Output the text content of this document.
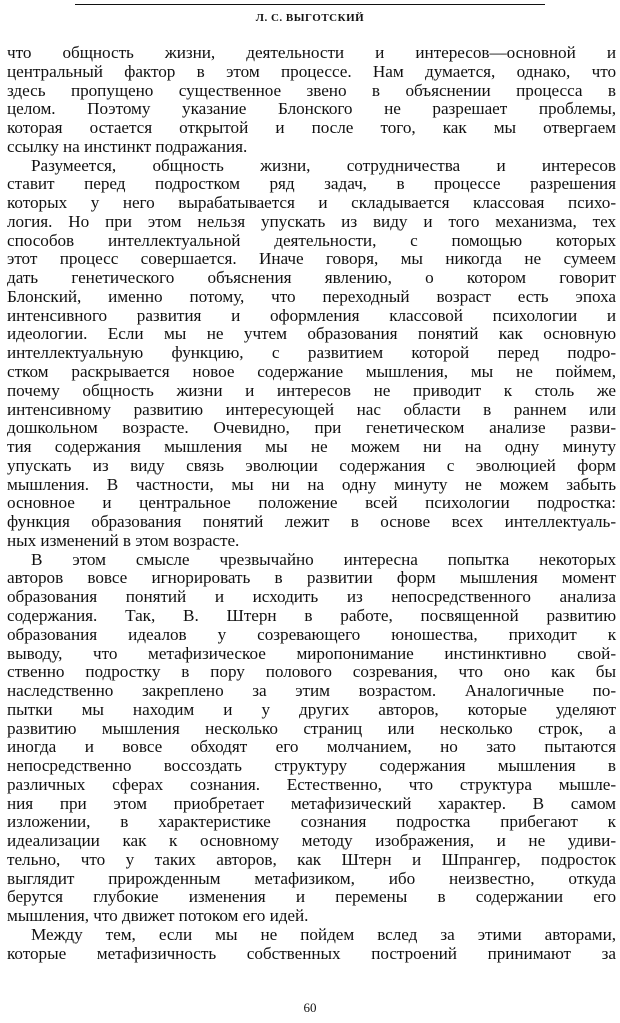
Л. С. ВЫГОТСКИЙ
что общность жизни, деятельности и интересов—основной и
центральный фактор в этом процессе. Нам думается, однако, что
здесь пропущено существенное звено в объяснении процесса в
целом. Поэтому указание Блонского не разрешает проблемы,
которая остается открытой и после того, как мы отвергаем
ссылку на инстинкт подражания.
Разумеется, общность жизни, сотрудничества и интересов
ставит перед подростком ряд задач, в процессе разрешения
которых у него вырабатывается и складывается классовая психо-
логия. Но при этом нельзя упускать из виду и того механизма, тех
способов интеллектуальной деятельности, с помощью которых
этот процесс совершается. Иначе говоря, мы никогда не сумеем
дать генетического объяснения явлению, о котором говорит
Блонский, именно потому, что переходный возраст есть эпоха
интенсивного развития и оформления классовой психологии и
идеологии. Если мы не учтем образования понятий как основную
интеллектуальную функцию, с развитием которой перед подро-
стком раскрывается новое содержание мышления, мы не поймем,
почему общность жизни и интересов не приводит к столь же
интенсивному развитию интересующей нас области в раннем или
дошкольном возрасте. Очевидно, при генетическом анализе разви-
тия содержания мышления мы не можем ни на одну минуту
упускать из виду связь эволюции содержания с эволюцией форм
мышления. В частности, мы ни на одну минуту не можем забыть
основное и центральное положение всей психологии подростка:
функция образования понятий лежит в основе всех интеллектуаль-
ных изменений в этом возрасте.
В этом смысле чрезвычайно интересна попытка некоторых
авторов вовсе игнорировать в развитии форм мышления момент
образования понятий и исходить из непосредственного анализа
содержания. Так, В. Штерн в работе, посвященной развитию
образования идеалов у созревающего юношества, приходит к
выводу, что метафизическое миропонимание инстинктивно свой-
ственно подростку в пору полового созревания, что оно как бы
наследственно закреплено за этим возрастом. Аналогичные по-
пытки мы находим и у других авторов, которые уделяют
развитию мышления несколько страниц или несколько строк, а
иногда и вовсе обходят его молчанием, но зато пытаются
непосредственно воссоздать структуру содержания мышления в
различных сферах сознания. Естественно, что структура мышле-
ния при этом приобретает метафизический характер. В самом
изложении, в характеристике сознания подростка прибегают к
идеализации как к основному методу изображения, и не удиви-
тельно, что у таких авторов, как Штерн и Шпрангер, подросток
выглядит прирожденным метафизиком, ибо неизвестно, откуда
берутся глубокие изменения и перемены в содержании его
мышления, что движет потоком его идей.
Между тем, если мы не пойдем вслед за этими авторами,
которые метафизичность собственных построений принимают за
60
